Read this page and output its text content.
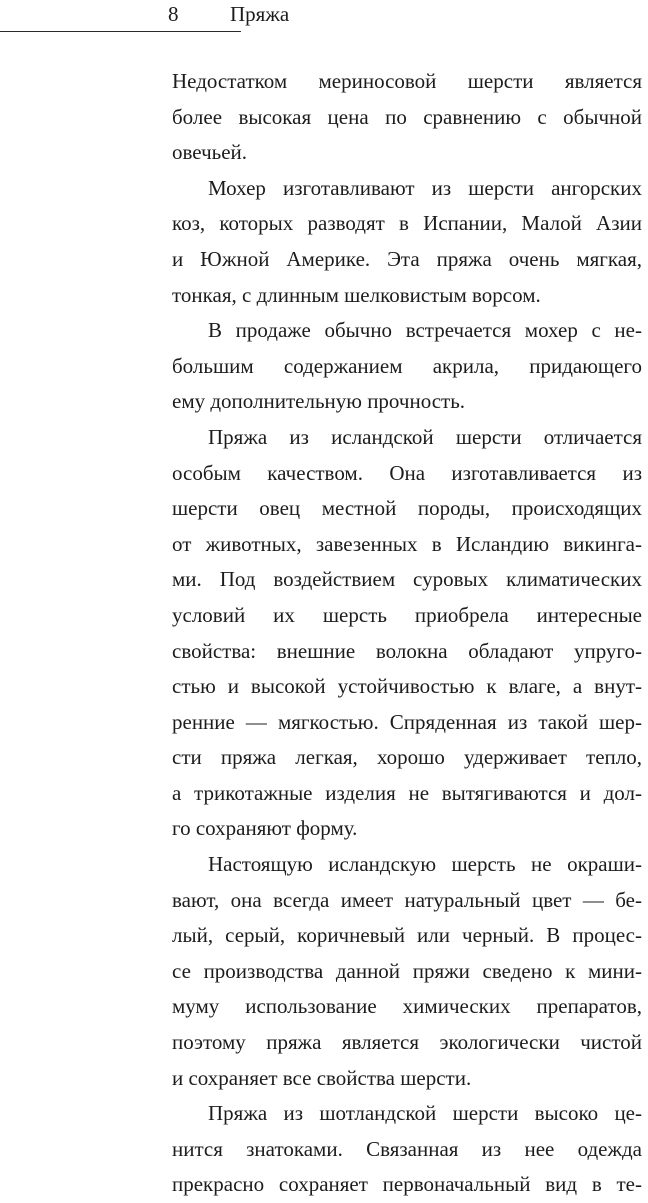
8 Пряжа
Недостатком мериносовой шерсти является
более высокая цена по сравнению с обычной
овечьей.
Мохер изготавливают из шерсти ангорских
коз, которых разводят в Испании, Малой Азии
и Южной Америке. Эта пряжа очень мягкая,
тонкая, с длинным шелковистым ворсом.
В продаже обычно встречается мохер с не-
большим содержанием акрила, придающего
ему дополнительную прочность.
Пряжа из исландской шерсти отличается
особым качеством. Она изготавливается из
шерсти овец местной породы, происходящих
от животных, завезенных в Исландию викинга-
ми. Под воздействием суровых климатических
условий их шерсть приобрела интересные
свойства: внешние волокна обладают упруго-
стью и высокой устойчивостью к влаге, а внут-
ренние — мягкостью. Спряденная из такой шер-
сти пряжа легкая, хорошо удерживает тепло,
а трикотажные изделия не вытягиваются и дол-
го сохраняют форму.
Настоящую исландскую шерсть не окраши-
вают, она всегда имеет натуральный цвет — бе-
лый, серый, коричневый или черный. В процес-
се производства данной пряжи сведено к мини-
муму использование химических препаратов,
поэтому пряжа является экологически чистой
и сохраняет все свойства шерсти.
Пряжа из шотландской шерсти высоко це-
нится знатоками. Связанная из нее одежда
прекрасно сохраняет первоначальный вид в те-
